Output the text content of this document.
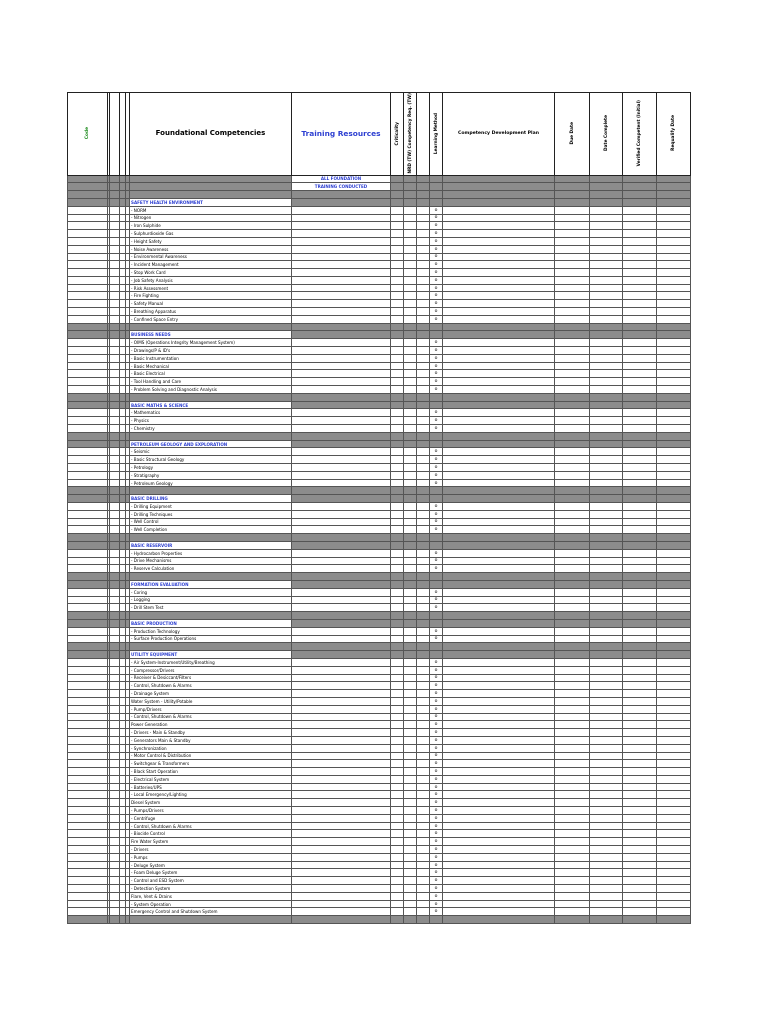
Code					Foundational Competencies	Training Resources	Criticality	NRD (TW) Competency Req. (TW)		Learning Method	Competency Development Plan	Due Date	Date Complete	Verified Competent (Initial)	Requalify Date
						ALL FOUNDATION									
						TRAINING CONDUCTED									

					SAFETY HEALTH ENVIRONMENT										
					- NORM					o					
					- Nitrogen					o					
					- Iron Sulphide					o					
					- Sulphurdioxide Gas					o					
					- Height Safety					o					
					- Noise Awareness					o					
					- Environmental Awareness					o					
					- Incident Management					o					
					- Stop Work Card					o					
					- Job Safety Analysis					o					
					- Risk Assessment					o					
					- Fire Fighting					o					
					- Safety Manual					o					
					- Breathing Apparatus					o					
					- Confined Space Entry					o					

					BUSINESS NEEDS										
					- OIMS (Operations Integrity Management System)					o					
					- Drawings/P & ID's					o					
					- Basic Instrumentation					o					
					- Basic Mechanical					o					
					- Basic Electrical					o					
					- Tool Handling and Care					o					
					- Problem Solving and Diagnostic Analysis					o					

					BASIC MATHS & SCIENCE										
					- Mathematics					o					
					- Physics					o					
					- Chemistry					o					

					PETROLEUM GEOLOGY AND EXPLORATION										
					- Seismic					o					
					- Basic Structural Geology					o					
					- Petrology					o					
					- Stratigraphy					o					
					- Petroleum Geology					o					

					BASIC DRILLING										
					- Drilling Equipment					o					
					- Drilling Techniques					o					
					- Well Control					o					
					- Well Completion					o					

					BASIC RESERVOIR										
					- Hydrocarbon Properties					o					
					- Drive Mechanisms					o					
					- Reserve Calculation					o					

					FORMATION EVALUATION										
					- Coring					o					
					- Logging					o					
					- Drill Stem Test					o					

					BASIC PRODUCTION										
					- Production Technology					o					
					- Surface Production Operations					o					

					UTILITY EQUIPMENT										
					- Air System-Instrument/Utility/Breathing					o					
					- Compressor/Drivers					o					
					- Receiver & Desiccant/Filters					o					
					- Control, Shutdown & Alarms					o					
					- Drainage System					o					
					Water System - Utility/Potable					o					
					- Pump/Drivers					o					
					- Control, Shutdown & Alarms					o					
					Power Generation					o					
					- Drivers - Main & Standby					o					
					- Generators Main & Standby					o					
					- Synchronization					o					
					- Motor Control & Distribution					o					
					- Switchgear & Transformers					o					
					- Black Start Operation					o					
					- Electrical System					o					
					- Batteries/UPS					o					
					- Local Emergency/Lighting					o					
					Diesel System					o					
					- Pumps/Drivers					o					
					- Centrifuge					o					
					- Control, Shutdown & Alarms					o					
					- Biocide Control					o					
					Fire Water System					o					
					- Drivers					o					
					- Pumps					o					
					- Deluge System					o					
					- Foam Deluge System					o					
					- Control and ESD System					o					
					- Detection System					o					
					Flare, Vent & Drains					o					
					- System Operation					o					
					Emergency Control and Shutdown System					o					
